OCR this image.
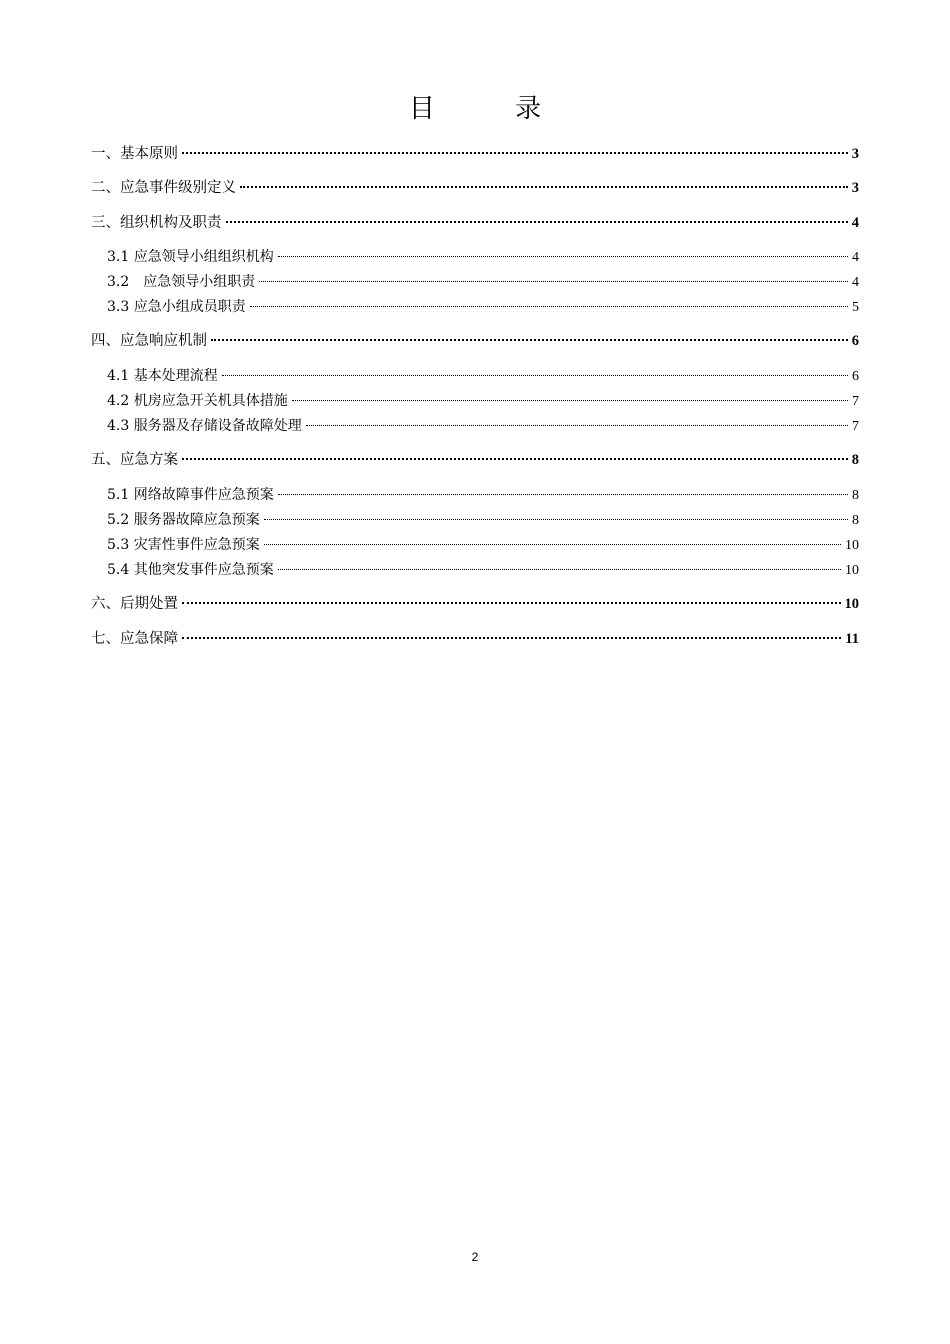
目 录
一、基本原则	3
二、应急事件级别定义	3
三、组织机构及职责	4
3.1 应急领导小组组织机构	4
3.2　应急领导小组职责	4
3.3 应急小组成员职责	5
四、应急响应机制	6
4.1 基本处理流程	6
4.2 机房应急开关机具体措施	7
4.3 服务器及存储设备故障处理	7
五、应急方案	8
5.1 网络故障事件应急预案	8
5.2 服务器故障应急预案	8
5.3 灾害性事件应急预案	10
5.4 其他突发事件应急预案	10
六、后期处置	10
七、应急保障	11
2
